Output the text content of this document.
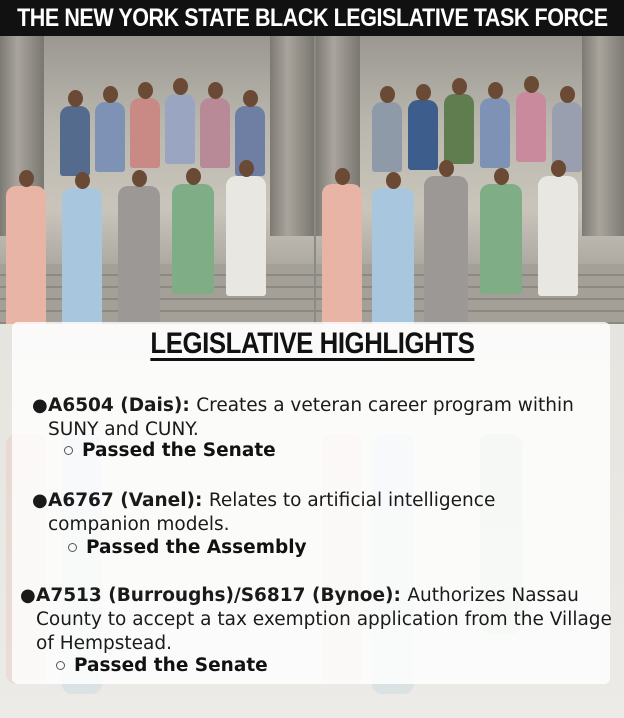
THE NEW YORK STATE BLACK LEGISLATIVE TASK FORCE
LEGISLATIVE HIGHLIGHTS
● A6504 (Dais): Creates a veteran career program within SUNY and CUNY.
Passed the Senate
● A6767 (Vanel): Relates to artificial intelligence companion models.
Passed the Assembly
● A7513 (Burroughs)/S6817 (Bynoe): Authorizes Nassau County to accept a tax exemption application from the Village of Hempstead.
Passed the Senate
